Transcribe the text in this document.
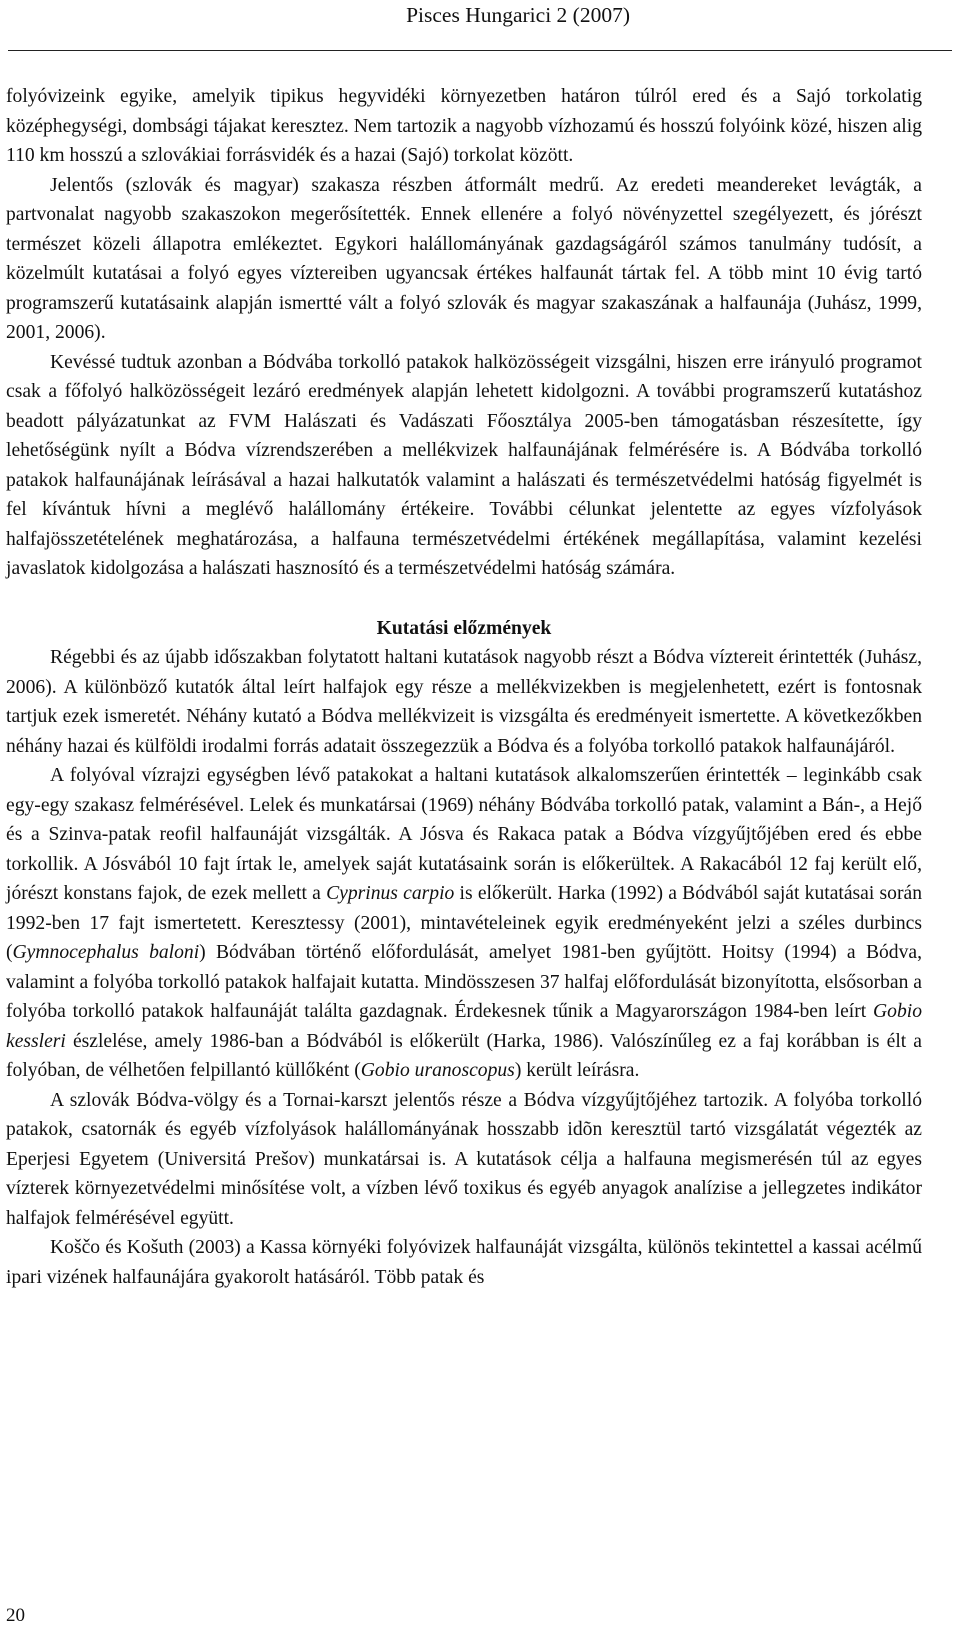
Pisces Hungarici 2 (2007)

folyóvizeink egyike, amelyik tipikus hegyvidéki környezetben határon túlról ered és a Sajó torkolatig középhegységi, dombsági tájakat keresztez. Nem tartozik a nagyobb vízhozamú és hosszú folyóink közé, hiszen alig 110 km hosszú a szlovákiai forrásvidék és a hazai (Sajó) torkolat között.

Jelentős (szlovák és magyar) szakasza részben átformált medrű. Az eredeti meandereket levágták, a partvonalat nagyobb szakaszokon megerősítették. Ennek ellenére a folyó növényzettel szegélyezett, és jórészt természet közeli állapotra emlékeztet. Egykori halállományának gazdagságáról számos tanulmány tudósít, a közelmúlt kutatásai a folyó egyes víztereiben ugyancsak értékes halfaunát tártak fel. A több mint 10 évig tartó programszerű kutatásaink alapján ismertté vált a folyó szlovák és magyar szakaszának a halfaunája (Juhász, 1999, 2001, 2006).

Kevéssé tudtuk azonban a Bódvába torkolló patakok halközösségeit vizsgálni, hiszen erre irányuló programot csak a főfolyó halközösségeit lezáró eredmények alapján lehetett kidolgozni. A további programszerű kutatáshoz beadott pályázatunkat az FVM Halászati és Vadászati Főosztálya 2005-ben támogatásban részesítette, így lehetőségünk nyílt a Bódva vízrendszerében a mellékvizek halfaunájának felmérésére is. A Bódvába torkolló patakok halfaunájának leírásával a hazai halkutatók valamint a halászati és természetvédelmi hatóság figyelmét is fel kívántuk hívni a meglévő halállomány értékeire. További célunkat jelentette az egyes vízfolyások halfajösszetételének meghatározása, a halfauna természetvédelmi értékének megállapítása, valamint kezelési javaslatok kidolgozása a halászati hasznosító és a természetvédelmi hatóság számára.

Kutatási előzmények

Régebbi és az újabb időszakban folytatott haltani kutatások nagyobb részt a Bódva víztereit érintették (Juhász, 2006). A különböző kutatók által leírt halfajok egy része a mellékvizekben is megjelenhetett, ezért is fontosnak tartjuk ezek ismeretét. Néhány kutató a Bódva mellékvizeit is vizsgálta és eredményeit ismertette. A következőkben néhány hazai és külföldi irodalmi forrás adatait összegezzük a Bódva és a folyóba torkolló patakok halfaunájáról.

A folyóval vízrajzi egységben lévő patakokat a haltani kutatások alkalomszerűen érintették – leginkább csak egy-egy szakasz felmérésével. Lelek és munkatársai (1969) néhány Bódvába torkolló patak, valamint a Bán-, a Hejő és a Szinva-patak reofil halfaunáját vizsgálták. A Jósva és Rakaca patak a Bódva vízgyűjtőjében ered és ebbe torkollik. A Jósvából 10 fajt írtak le, amelyek saját kutatásaink során is előkerültek. A Rakacából 12 faj került elő, jórészt konstans fajok, de ezek mellett a Cyprinus carpio is előkerült. Harka (1992) a Bódvából saját kutatásai során 1992-ben 17 fajt ismertetett. Keresztessy (2001), mintavételeinek egyik eredményeként jelzi a széles durbincs (Gymnocephalus baloni) Bódvában történő előfordulását, amelyet 1981-ben gyűjtött. Hoitsy (1994) a Bódva, valamint a folyóba torkolló patakok halfajait kutatta. Mindösszesen 37 halfaj előfordulását bizonyította, elsősorban a folyóba torkolló patakok halfaunáját találta gazdagnak. Érdekesnek tűnik a Magyarországon 1984-ben leírt Gobio kessleri észlelése, amely 1986-ban a Bódvából is előkerült (Harka, 1986). Valószínűleg ez a faj korábban is élt a folyóban, de vélhetően felpillantó küllőként (Gobio uranoscopus) került leírásra.

A szlovák Bódva-völgy és a Tornai-karszt jelentős része a Bódva vízgyűjtőjéhez tartozik. A folyóba torkolló patakok, csatornák és egyéb vízfolyások halállományának hosszabb idõn keresztül tartó vizsgálatát végezték az Eperjesi Egyetem (Universitá Prešov) munkatársai is. A kutatások célja a halfauna megismerésén túl az egyes vízterek környezetvédelmi minősítése volt, a vízben lévő toxikus és egyéb anyagok analízise a jellegzetes indikátor halfajok felmérésével együtt.

Koščo és Košuth (2003) a Kassa környéki folyóvizek halfaunáját vizsgálta, különös tekintettel a kassai acélmű ipari vizének halfaunájára gyakorolt hatásáról. Több patak és

20
